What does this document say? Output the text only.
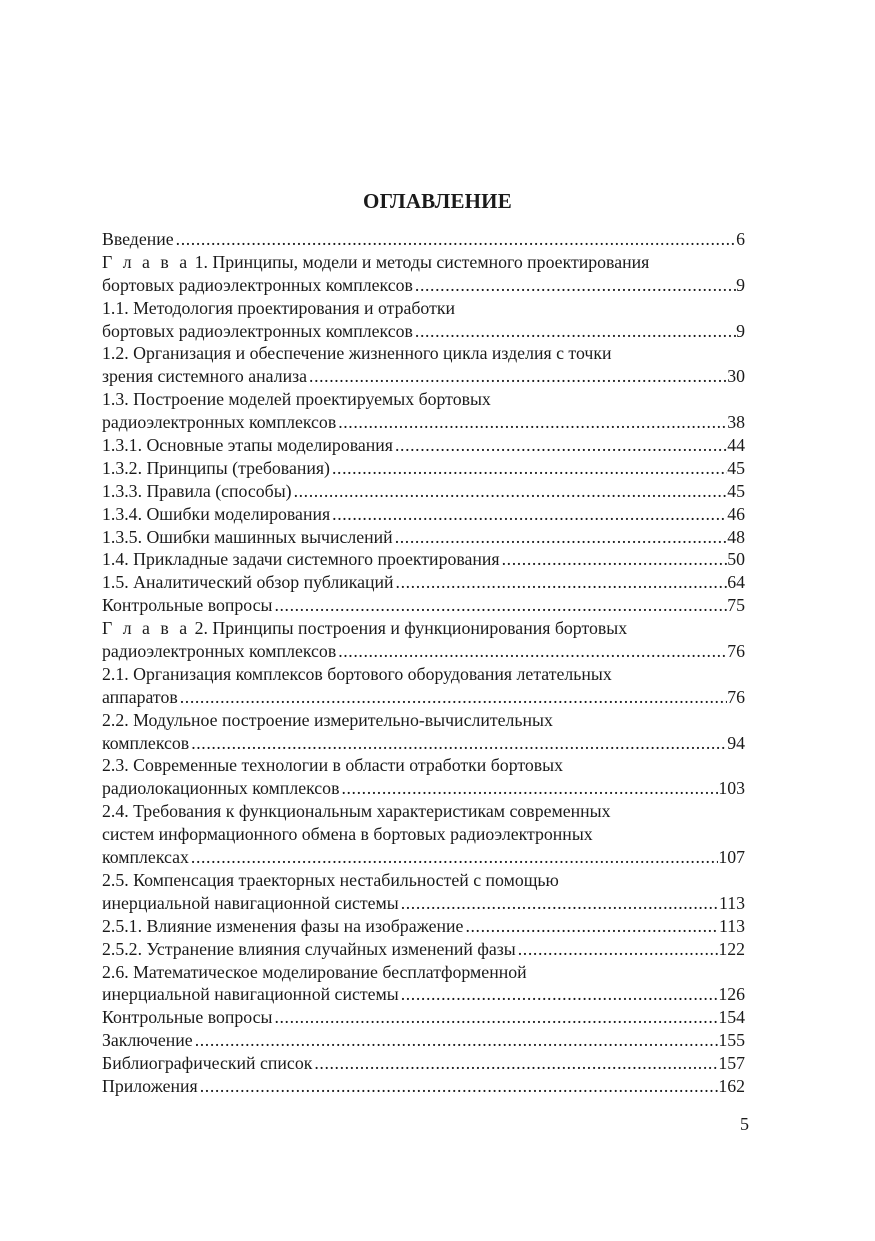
ОГЛАВЛЕНИЕ
Введение .....	6
Г л а в а 1. Принципы, модели и методы системного проектирования
бортовых радиоэлектронных комплексов .....	9
1.1. Методология проектирования и отработки
бортовых радиоэлектронных комплексов .....	9
1.2. Организация и обеспечение жизненного цикла изделия с точки
зрения системного анализа .....	30
1.3. Построение моделей проектируемых бортовых
радиоэлектронных комплексов .....	38
1.3.1. Основные этапы моделирования .....	44
1.3.2. Принципы (требования) .....	45
1.3.3. Правила (способы) .....	45
1.3.4. Ошибки моделирования .....	46
1.3.5. Ошибки машинных вычислений .....	48
1.4. Прикладные задачи системного проектирования .....	50
1.5. Аналитический обзор публикаций .....	64
Контрольные вопросы .....	75
Г л а в а 2. Принципы построения и функционирования бортовых
радиоэлектронных комплексов .....	76
2.1. Организация комплексов бортового оборудования летательных
аппаратов .....	76
2.2. Модульное построение измерительно-вычислительных
комплексов .....	94
2.3. Современные технологии в области отработки бортовых
радиолокационных комплексов .....	103
2.4. Требования к функциональным характеристикам современных
систем информационного обмена в бортовых радиоэлектронных
комплексах .....	107
2.5. Компенсация траекторных нестабильностей с помощью
инерциальной навигационной системы .....	113
2.5.1. Влияние изменения фазы на изображение .....	113
2.5.2. Устранение влияния случайных изменений фазы .....	122
2.6. Математическое моделирование бесплатформенной
инерциальной навигационной системы .....	126
Контрольные вопросы .....	154
Заключение .....	155
Библиографический список .....	157
Приложения .....	162
5
